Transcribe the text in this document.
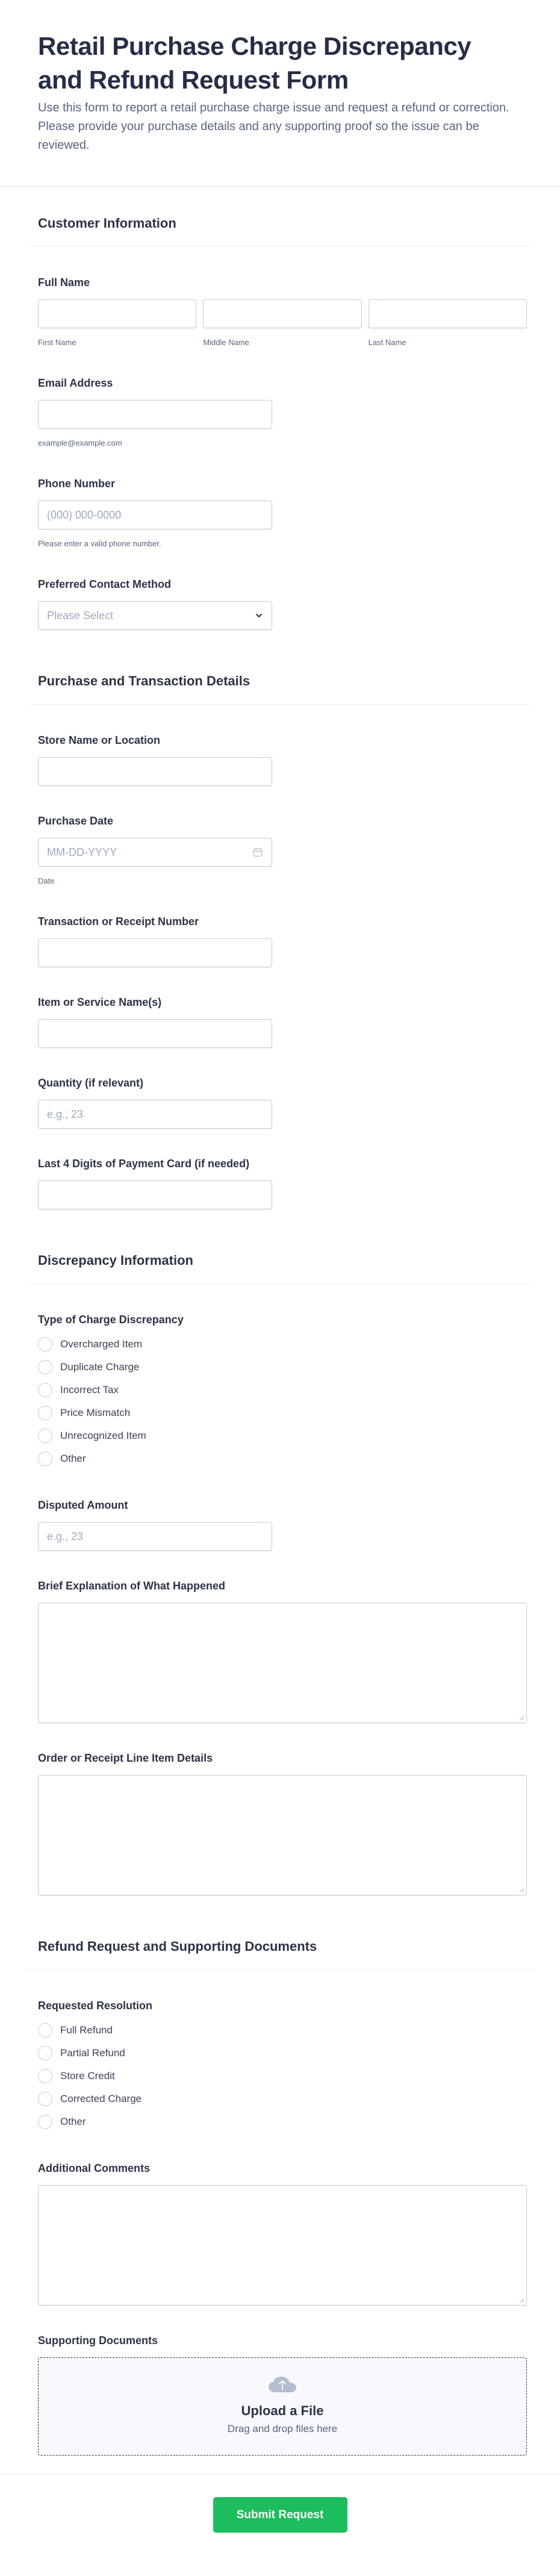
Retail Purchase Charge Discrepancy and Refund Request Form

Use this form to report a retail purchase charge issue and request a refund or correction. Please provide your purchase details and any supporting proof so the issue can be reviewed.

Customer Information
Full Name
First Name	Middle Name	Last Name
Email Address
example@example.com
Phone Number
(000) 000-0000
Please enter a valid phone number.
Preferred Contact Method
Please Select
Purchase and Transaction Details
Store Name or Location
Purchase Date
MM-DD-YYYY
Date
Transaction or Receipt Number
Item or Service Name(s)
Quantity (if relevant)
e.g., 23
Last 4 Digits of Payment Card (if needed)
Discrepancy Information
Type of Charge Discrepancy
Overcharged Item
Duplicate Charge
Incorrect Tax
Price Mismatch
Unrecognized Item
Other
Disputed Amount
e.g., 23
Brief Explanation of What Happened
Order or Receipt Line Item Details
Refund Request and Supporting Documents
Requested Resolution
Full Refund
Partial Refund
Store Credit
Corrected Charge
Other
Additional Comments
Supporting Documents
Upload a File
Drag and drop files here
Submit Request
